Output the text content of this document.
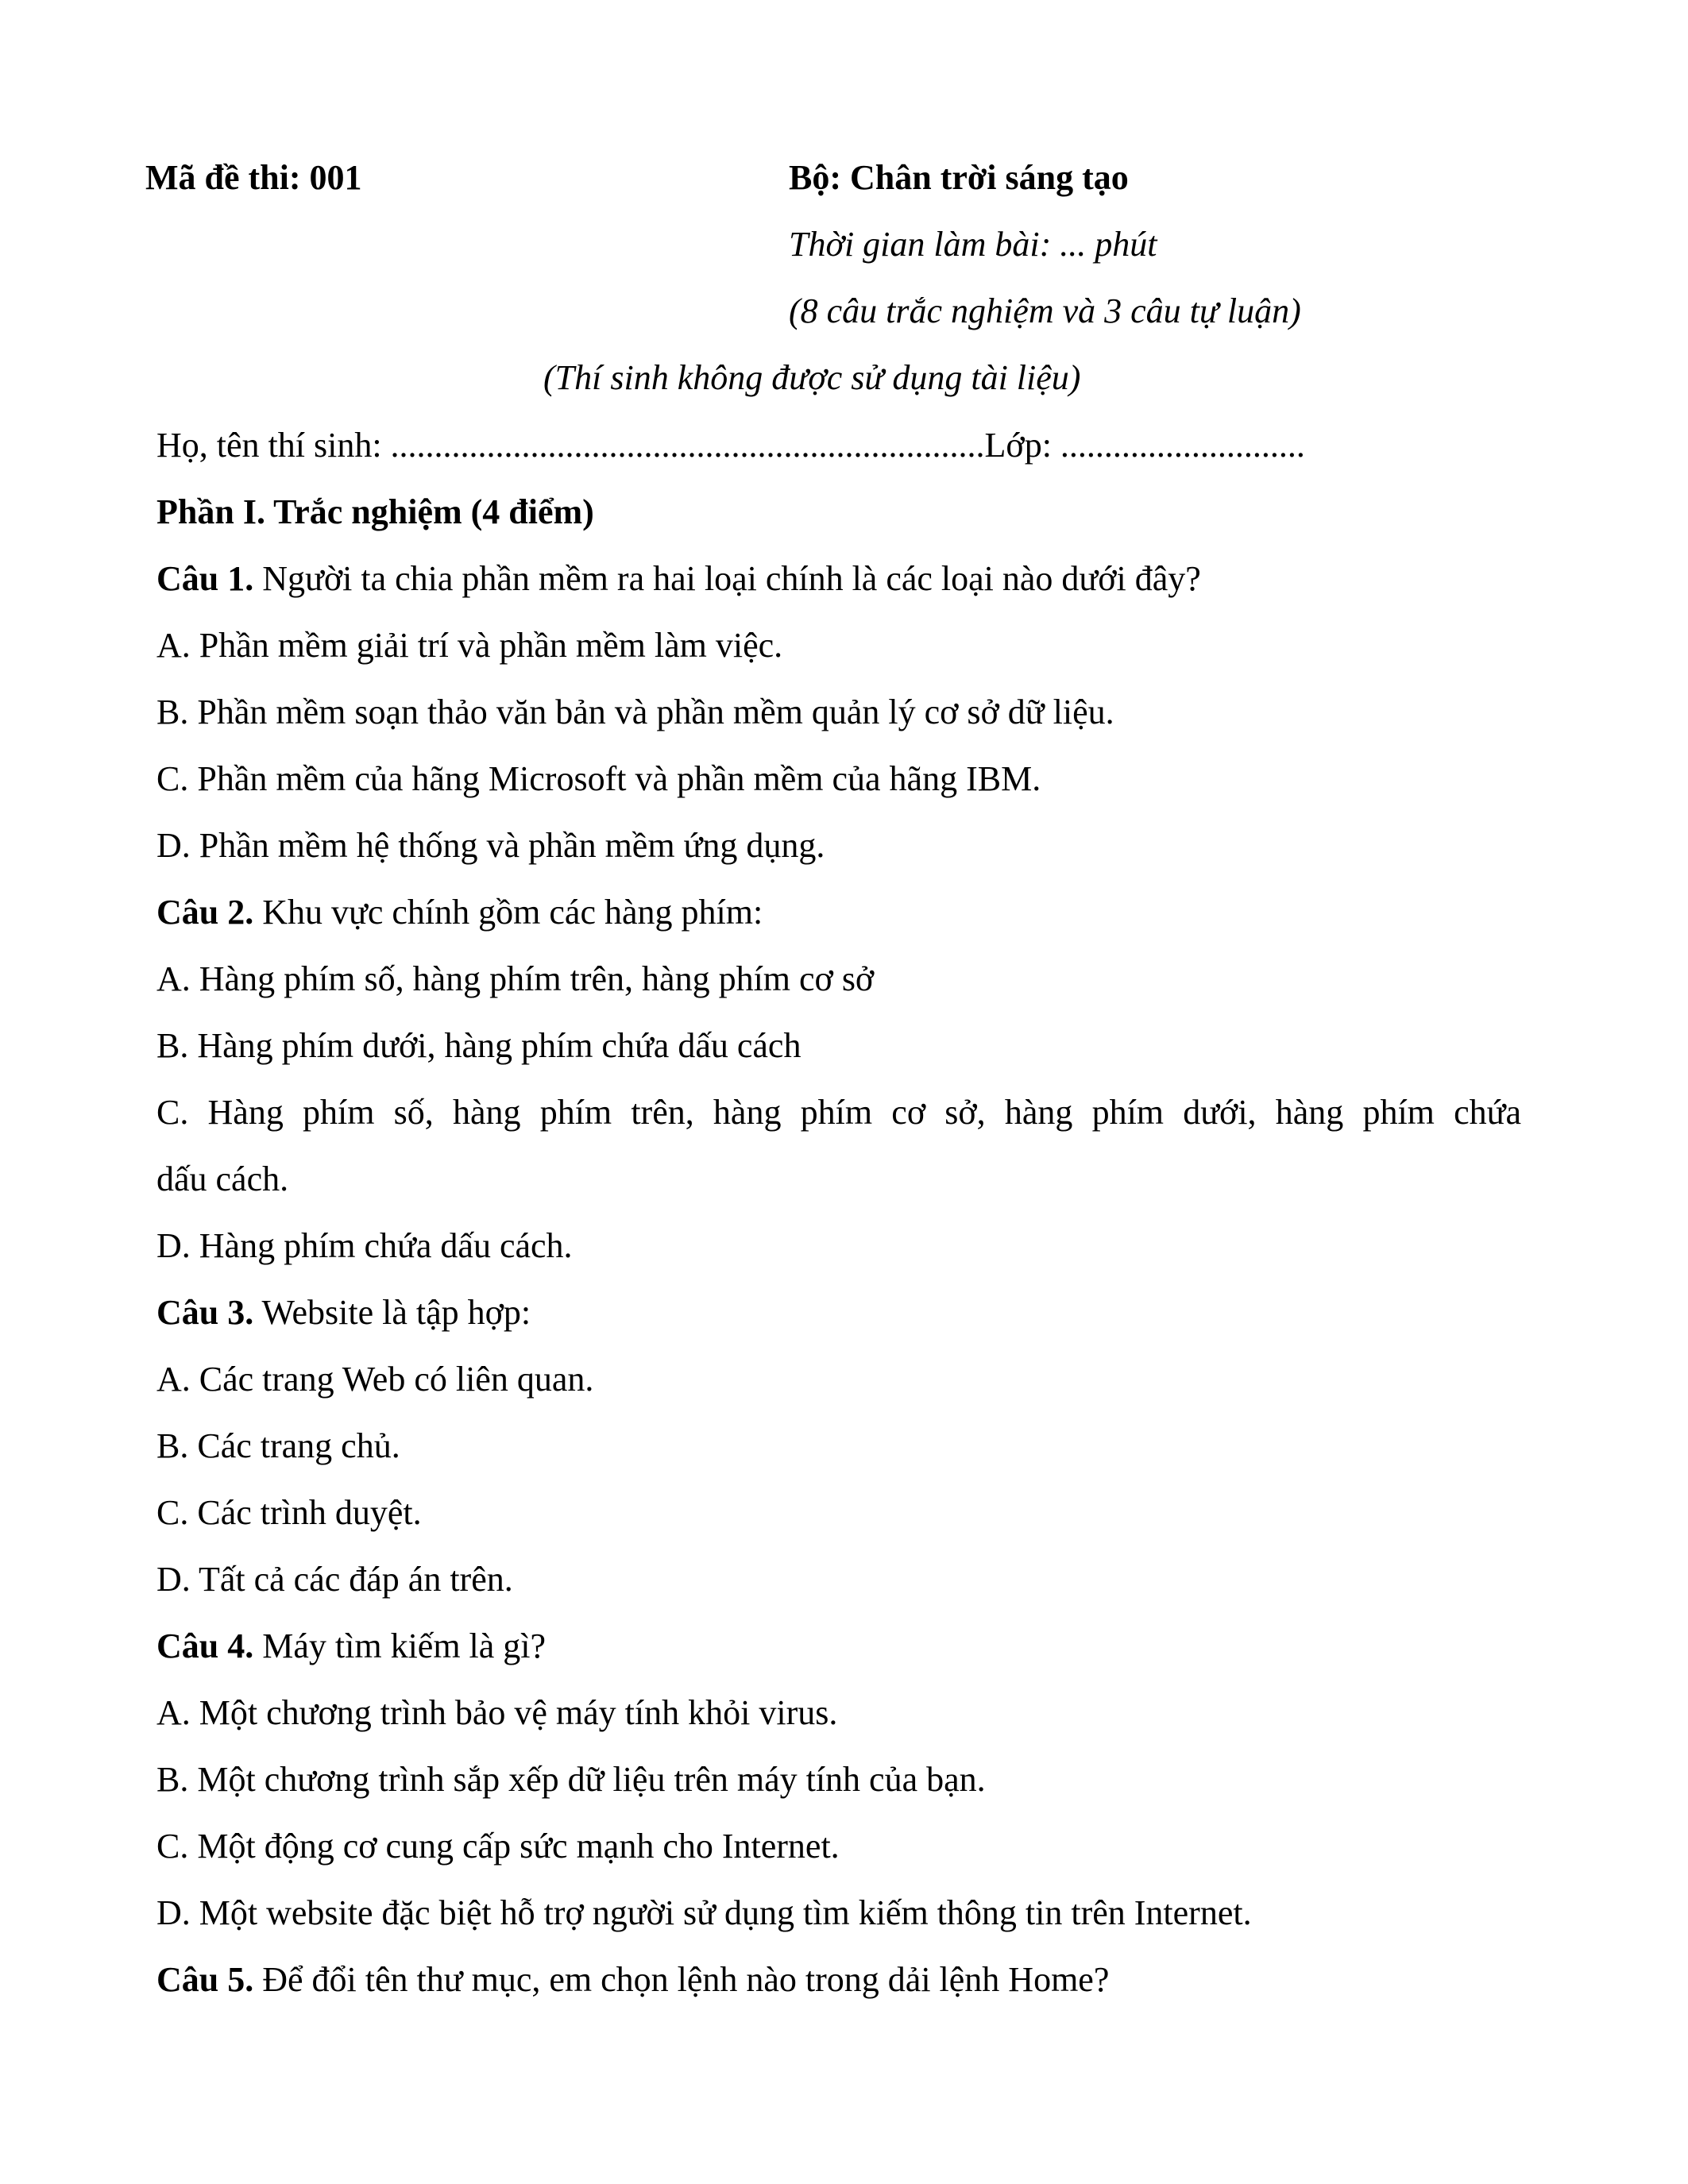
Mã đề thi: 001	Bộ: Chân trời sáng tạo
Thời gian làm bài: ... phút
(8 câu trắc nghiệm và 3 câu tự luận)
(Thí sinh không được sử dụng tài liệu)
Họ, tên thí sinh: ....................................................................Lớp: ............................
Phần I. Trắc nghiệm (4 điểm)
Câu 1. Người ta chia phần mềm ra hai loại chính là các loại nào dưới đây?
A. Phần mềm giải trí và phần mềm làm việc.
B. Phần mềm soạn thảo văn bản và phần mềm quản lý cơ sở dữ liệu.
C. Phần mềm của hãng Microsoft và phần mềm của hãng IBM.
D. Phần mềm hệ thống và phần mềm ứng dụng.
Câu 2. Khu vực chính gồm các hàng phím:
A. Hàng phím số, hàng phím trên, hàng phím cơ sở
B. Hàng phím dưới, hàng phím chứa dấu cách
C. Hàng phím số, hàng phím trên, hàng phím cơ sở, hàng phím dưới, hàng phím chứa
dấu cách.
D. Hàng phím chứa dấu cách.
Câu 3. Website là tập hợp:
A. Các trang Web có liên quan.
B. Các trang chủ.
C. Các trình duyệt.
D. Tất cả các đáp án trên.
Câu 4. Máy tìm kiếm là gì?
A. Một chương trình bảo vệ máy tính khỏi virus.
B. Một chương trình sắp xếp dữ liệu trên máy tính của bạn.
C. Một động cơ cung cấp sức mạnh cho Internet.
D. Một website đặc biệt hỗ trợ người sử dụng tìm kiếm thông tin trên Internet.
Câu 5. Để đổi tên thư mục, em chọn lệnh nào trong dải lệnh Home?
